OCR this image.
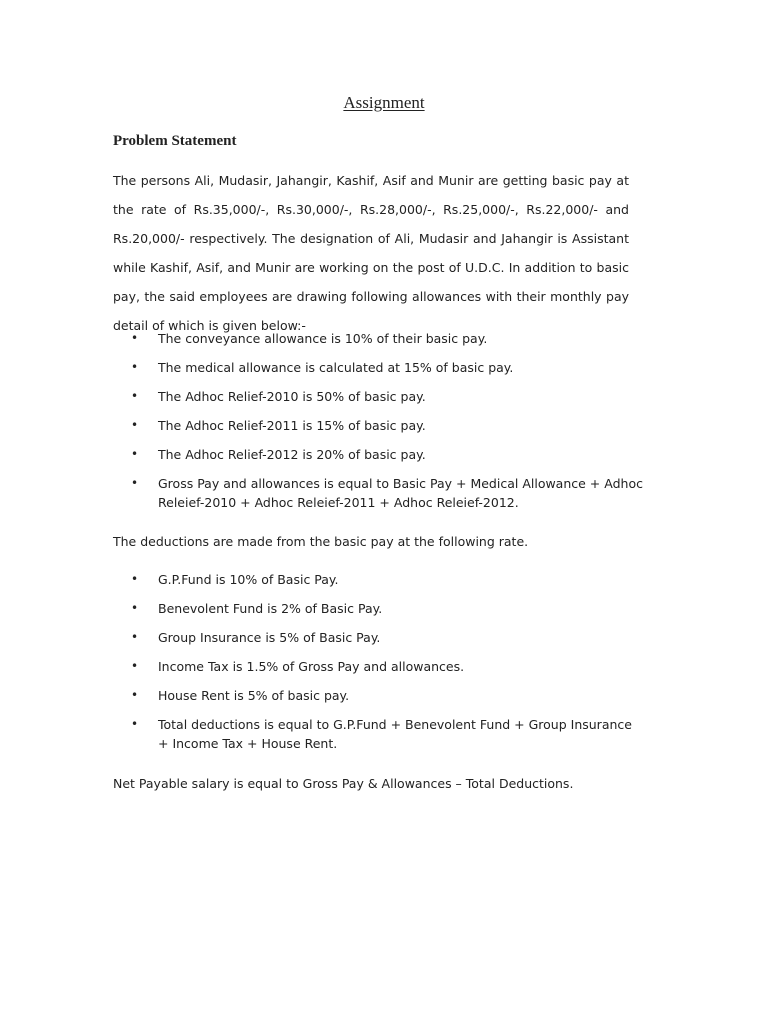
Assignment
Problem Statement

The persons Ali, Mudasir, Jahangir, Kashif, Asif and Munir are getting basic pay at the rate of Rs.35,000/-, Rs.30,000/-, Rs.28,000/-, Rs.25,000/-, Rs.22,000/- and Rs.20,000/- respectively. The designation of Ali, Mudasir and Jahangir is Assistant while Kashif, Asif, and Munir are working on the post of U.D.C. In addition to basic pay, the said employees are drawing following allowances with their monthly pay detail of which is given below:-

• The conveyance allowance is 10% of their basic pay.
• The medical allowance is calculated at 15% of basic pay.
• The Adhoc Relief-2010 is 50% of basic pay.
• The Adhoc Relief-2011 is 15% of basic pay.
• The Adhoc Relief-2012 is 20% of basic pay.
• Gross Pay and allowances is equal to Basic Pay + Medical Allowance + Adhoc Releief-2010 + Adhoc Releief-2011 + Adhoc Releief-2012.

The deductions are made from the basic pay at the following rate.

• G.P.Fund is 10% of Basic Pay.
• Benevolent Fund is 2% of Basic Pay.
• Group Insurance is 5% of Basic Pay.
• Income Tax is 1.5% of Gross Pay and allowances.
• House Rent is 5% of basic pay.
• Total deductions is equal to G.P.Fund + Benevolent Fund + Group Insurance + Income Tax + House Rent.

Net Payable salary is equal to Gross Pay & Allowances – Total Deductions.
